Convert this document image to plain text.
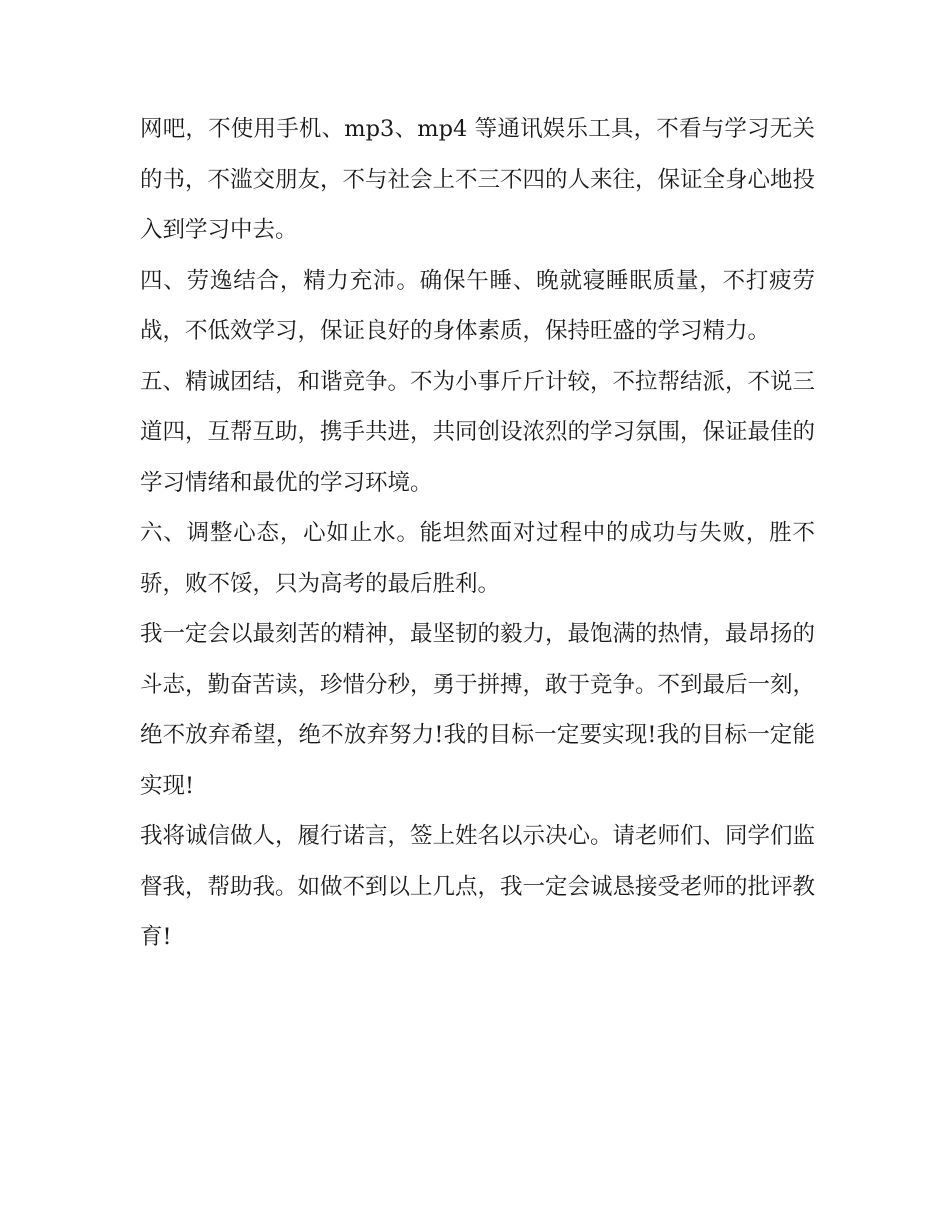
网吧，不使用手机、mp3、mp4 等通讯娱乐工具，不看与学习无关的书，不滥交朋友，不与社会上不三不四的人来往，保证全身心地投入到学习中去。

四、劳逸结合，精力充沛。确保午睡、晚就寝睡眠质量，不打疲劳战，不低效学习，保证良好的身体素质，保持旺盛的学习精力。

五、精诚团结，和谐竞争。不为小事斤斤计较，不拉帮结派，不说三道四，互帮互助，携手共进，共同创设浓烈的学习氛围，保证最佳的学习情绪和最优的学习环境。

六、调整心态，心如止水。能坦然面对过程中的成功与失败，胜不骄，败不馁，只为高考的最后胜利。

我一定会以最刻苦的精神，最坚韧的毅力，最饱满的热情，最昂扬的斗志，勤奋苦读，珍惜分秒，勇于拼搏，敢于竞争。不到最后一刻，绝不放弃希望，绝不放弃努力!我的目标一定要实现!我的目标一定能实现!

我将诚信做人，履行诺言，签上姓名以示决心。请老师们、同学们监督我，帮助我。如做不到以上几点，我一定会诚恳接受老师的批评教育!
